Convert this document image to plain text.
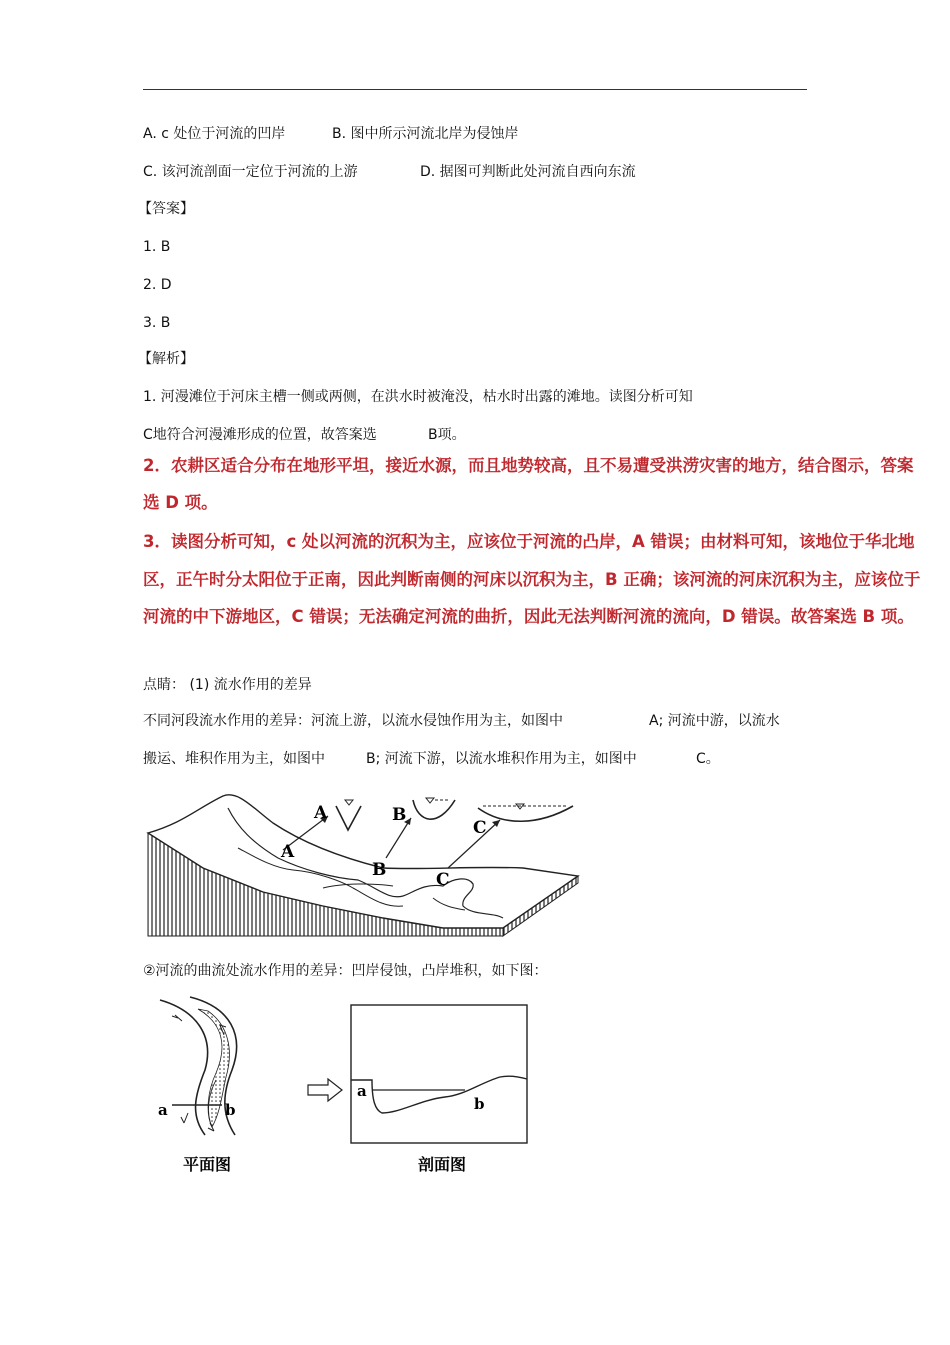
A. c 处位于河流的凹岸	B. 图中所示河流北岸为侵蚀岸
C. 该河流剖面一定位于河流的上游	D. 据图可判断此处河流自西向东流
【答案】
1. B
2. D
3. B
【解析】
1. 河漫滩位于河床主槽一侧或两侧，在洪水时被淹没，枯水时出露的滩地。读图分析可知
C地符合河漫滩形成的位置，故答案选	B项。
2．农耕区适合分布在地形平坦，接近水源，而且地势较高，且不易遭受洪涝灾害的地方，结合图示，答案
选 D 项。
3．读图分析可知，c 处以河流的沉积为主，应该位于河流的凸岸，A 错误；由材料可知，该地位于华北地
区，正午时分太阳位于正南，因此判断南侧的河床以沉积为主，B 正确；该河流的河床沉积为主，应该位于
河流的中下游地区，C 错误；无法确定河流的曲折，因此无法判断河流的流向，D 错误。故答案选 B 项。
点睛： (1) 流水作用的差异
不同河段流水作用的差异：河流上游，以流水侵蚀作用为主，如图中	A; 河流中游，以流水
搬运、堆积作用为主，如图中	B; 河流下游，以流水堆积作用为主，如图中	C。
A	B
C
A
B	C
②河流的曲流处流水作用的差异：凹岸侵蚀，凸岸堆积，如下图：
a	b
平面图
a
b
剖面图
